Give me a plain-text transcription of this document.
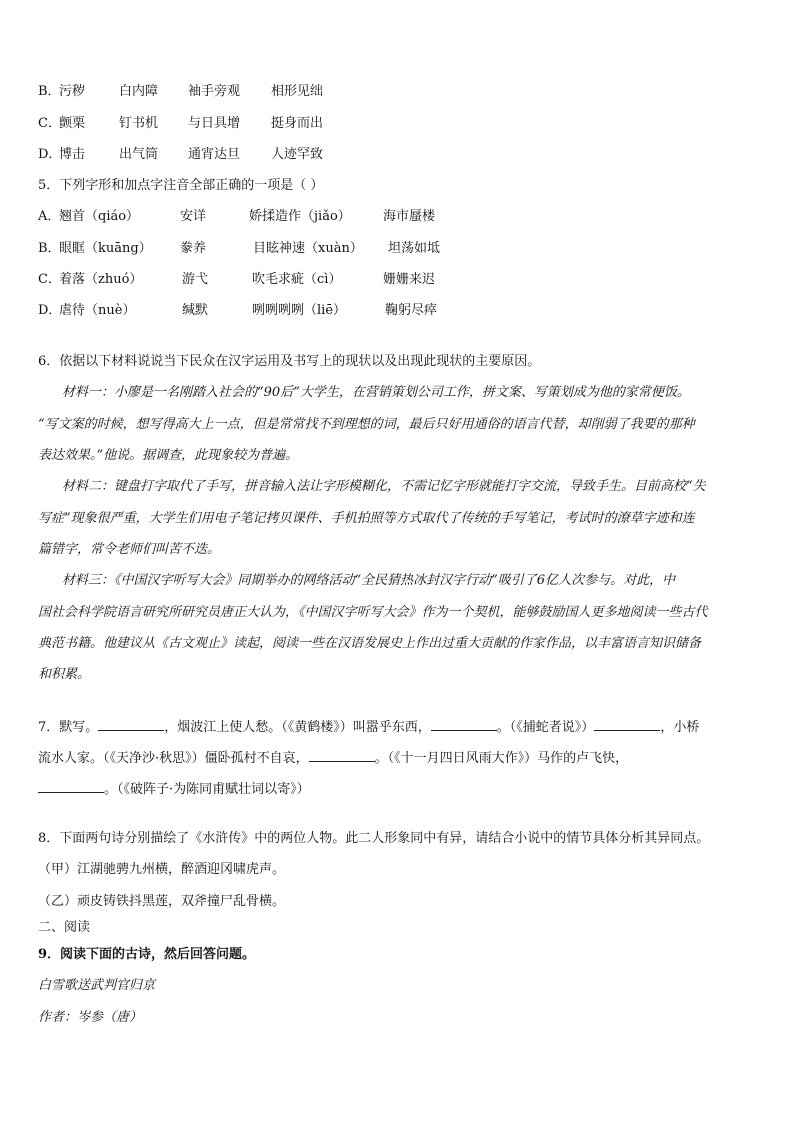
B．
污秽	白内障 袖手旁观 相形见绌
C．
颤栗	钉书机 与日具增 挺身而出
D．
博击	出气筒 通宵达旦 人迹罕致
5．下列字形和加点字注音全部正确的一项是（ ）
A．
翘首（qiáo）	安详	娇揉造作（jiǎo） 海市蜃楼
B．
眼眶（kuāng） 豢养	目眩神速（xuàn） 坦荡如坻
C．
着落（zhuó）	游弋	吹毛求疵（cì）	姗姗来迟
D．
虐待（nuè）	缄默	咧咧咧咧（liē）	鞠躬尽瘁
6．依据以下材料说说当下民众在汉字运用及书写上的现状以及出现此现状的主要原因。
材料一：小廖是一名刚踏入社会的“90后”大学生，在营销策划公司工作，拼文案、写策划成为他的家常便饭。
“写文案的时候，想写得高大上一点，但是常常找不到理想的词，最后只好用通俗的语言代替，却削弱了我要的那种
表达效果。”他说。据调查，此现象较为普遍。
材料二：键盘打字取代了手写，拼音输入法让字形模糊化，不需记忆字形就能打字交流，导致手生。目前高校“失
写症”现象很严重，大学生们用电子笔记拷贝课件、手机拍照等方式取代了传统的手写笔记，考试时的潦草字迹和连
篇错字，常令老师们叫苦不迭。
材料三：《中国汉字听写大会》同期举办的网络活动“全民猜热冰封汉字行动”吸引了6亿人次参与。对此，中
国社会科学院语言研究所研究员唐正大认为，《中国汉字听写大会》作为一个契机，能够鼓励国人更多地阅读一些古代
典范书籍。他建议从《古文观止》读起，阅读一些在汉语发展史上作出过重大贡献的作家作品，以丰富语言知识储备
和积累。
7．默写。	，烟波江上使人愁。（《黄鹤楼》）叫嚣乎东西，	。（《捕蛇者说》）	，小桥
流水人家。（《天净沙·秋思》）僵卧孤村不自哀，	。（《十一月四日风雨大作》）马作的卢飞快，
。（《破阵子·为陈同甫赋壮词以寄》）
8．下面两句诗分别描绘了《水浒传》中的两位人物。此二人形象同中有异，请结合小说中的情节具体分析其异同点。
（甲）江湖驰骋九州横，醉酒迎冈啸虎声。
（乙）顽皮铸铁抖黑莲，双斧撞尸乱骨横。
二、阅读
9．阅读下面的古诗，然后回答问题。
白雪歌送武判官归京
作者：岑参（唐）
